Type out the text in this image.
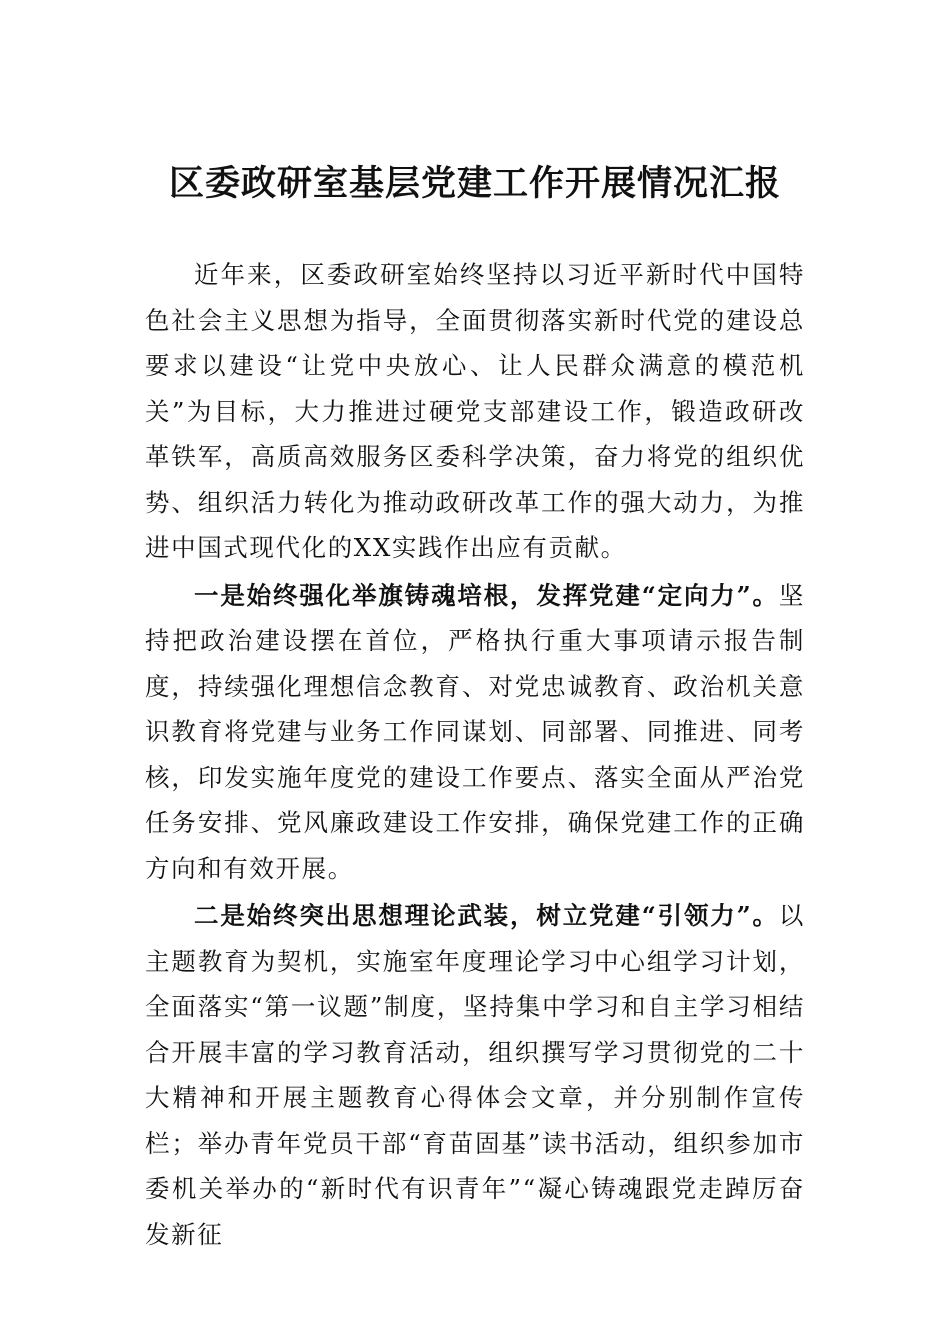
区委政研室基层党建工作开展情况汇报

近年来，区委政研室始终坚持以习近平新时代中国特色社会主义思想为指导，全面贯彻落实新时代党的建设总要求以建设“让党中央放心、让人民群众满意的模范机关”为目标，大力推进过硬党支部建设工作，锻造政研改革铁军，高质高效服务区委科学决策，奋力将党的组织优势、组织活力转化为推动政研改革工作的强大动力，为推进中国式现代化的XX实践作出应有贡献。

一是始终强化举旗铸魂培根，发挥党建“定向力”。坚持把政治建设摆在首位，严格执行重大事项请示报告制度，持续强化理想信念教育、对党忠诚教育、政治机关意识教育将党建与业务工作同谋划、同部署、同推进、同考核，印发实施年度党的建设工作要点、落实全面从严治党任务安排、党风廉政建设工作安排，确保党建工作的正确方向和有效开展。

二是始终突出思想理论武装，树立党建“引领力”。以主题教育为契机，实施室年度理论学习中心组学习计划，全面落实“第一议题”制度，坚持集中学习和自主学习相结合开展丰富的学习教育活动，组织撰写学习贯彻党的二十大精神和开展主题教育心得体会文章，并分别制作宣传栏；举办青年党员干部“育苗固基”读书活动，组织参加市委机关举办的“新时代有识青年”“凝心铸魂跟党走踔厉奋发新征
